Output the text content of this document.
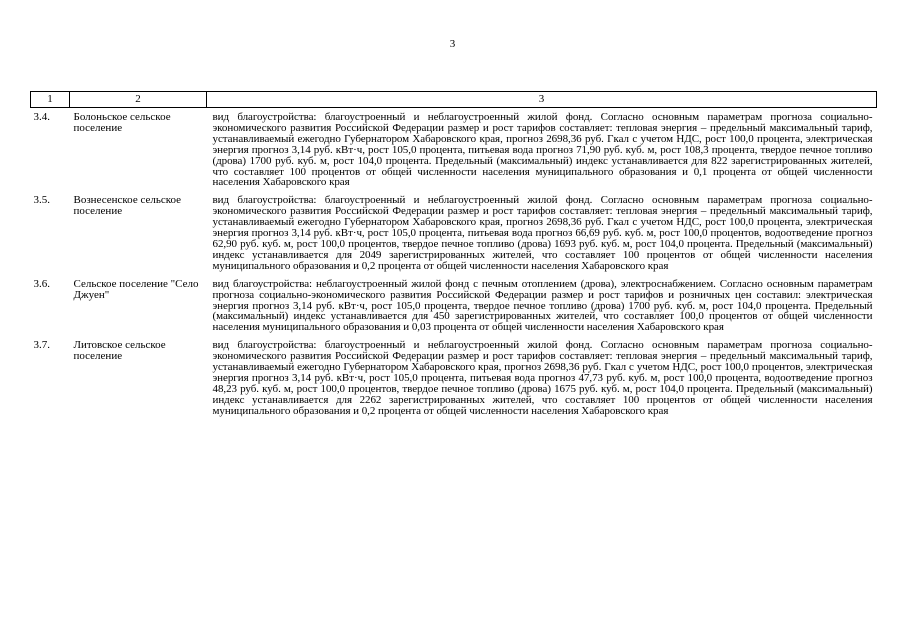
3
1	2	3
3.4.	Болоньское сельское поселение	вид благоустройства: благоустроенный и неблагоустроенный жилой фонд. Согласно основным параметрам прогноза социально-экономического развития Российской Федерации размер и рост тарифов составляет: тепловая энергия – предельный максимальный тариф, устанавливаемый ежегодно Губернатором Хабаровского края, прогноз 2698,36 руб. Гкал с учетом НДС, рост 100,0 процента, электрическая энергия прогноз 3,14 руб. кВт·ч, рост 105,0 процента, питьевая вода прогноз 71,90 руб. куб. м, рост 108,3 процента, твердое печное топливо (дрова) 1700 руб. куб. м, рост 104,0 процента. Предельный (максимальный) индекс устанавливается для 822 зарегистрированных жителей, что составляет 100 процентов от общей численности населения муниципального образования и 0,1 процента от общей численности населения Хабаровского края
3.5.	Вознесенское сельское поселение	вид благоустройства: благоустроенный и неблагоустроенный жилой фонд. Согласно основным параметрам прогноза социально-экономического развития Российской Федерации размер и рост тарифов составляет: тепловая энергия – предельный максимальный тариф, устанавливаемый ежегодно Губернатором Хабаровского края, прогноз 2698,36 руб. Гкал с учетом НДС, рост 100,0 процента, электрическая энергия прогноз 3,14 руб. кВт·ч, рост 105,0 процента, питьевая вода прогноз 66,69 руб. куб. м, рост 100,0 процентов, водоотведение прогноз 62,90 руб. куб. м, рост 100,0 процентов, твердое печное топливо (дрова) 1693 руб. куб. м, рост 104,0 процента. Предельный (максимальный) индекс устанавливается для 2049 зарегистрированных жителей, что составляет 100 процентов от общей численности населения муниципального образования и 0,2 процента от общей численности населения Хабаровского края
3.6.	Сельское поселение "Село Джуен"	вид благоустройства: неблагоустроенный жилой фонд с печным отоплением (дрова), электроснабжением. Согласно основным параметрам прогноза социально-экономического развития Российской Федерации размер и рост тарифов и розничных цен составил: электрическая энергия прогноз 3,14 руб. кВт·ч, рост 105,0 процента, твердое печное топливо (дрова) 1700 руб. куб. м, рост 104,0 процента. Предельный (максимальный) индекс устанавливается для 450 зарегистрированных жителей, что составляет 100,0 процентов от общей численности населения муниципального образования и 0,03 процента от общей численности населения Хабаровского края
3.7.	Литовское сельское поселение	вид благоустройства: благоустроенный и неблагоустроенный жилой фонд. Согласно основным параметрам прогноза социально-экономического развития Российской Федерации размер и рост тарифов составляет: тепловая энергия – предельный максимальный тариф, устанавливаемый ежегодно Губернатором Хабаровского края, прогноз 2698,36 руб. Гкал с учетом НДС, рост 100,0 процентов, электрическая энергия прогноз 3,14 руб. кВт·ч, рост 105,0 процента, питьевая вода прогноз 47,73 руб. куб. м, рост 100,0 процента, водоотведение прогноз 48,23 руб. куб. м, рост 100,0 процентов, твердое печное топливо (дрова) 1675 руб. куб. м, рост 104,0 процента. Предельный (максимальный) индекс устанавливается для 2262 зарегистрированных жителей, что составляет 100 процентов от общей численности населения муниципального образования и 0,2 процента от общей численности населения Хабаровского края
